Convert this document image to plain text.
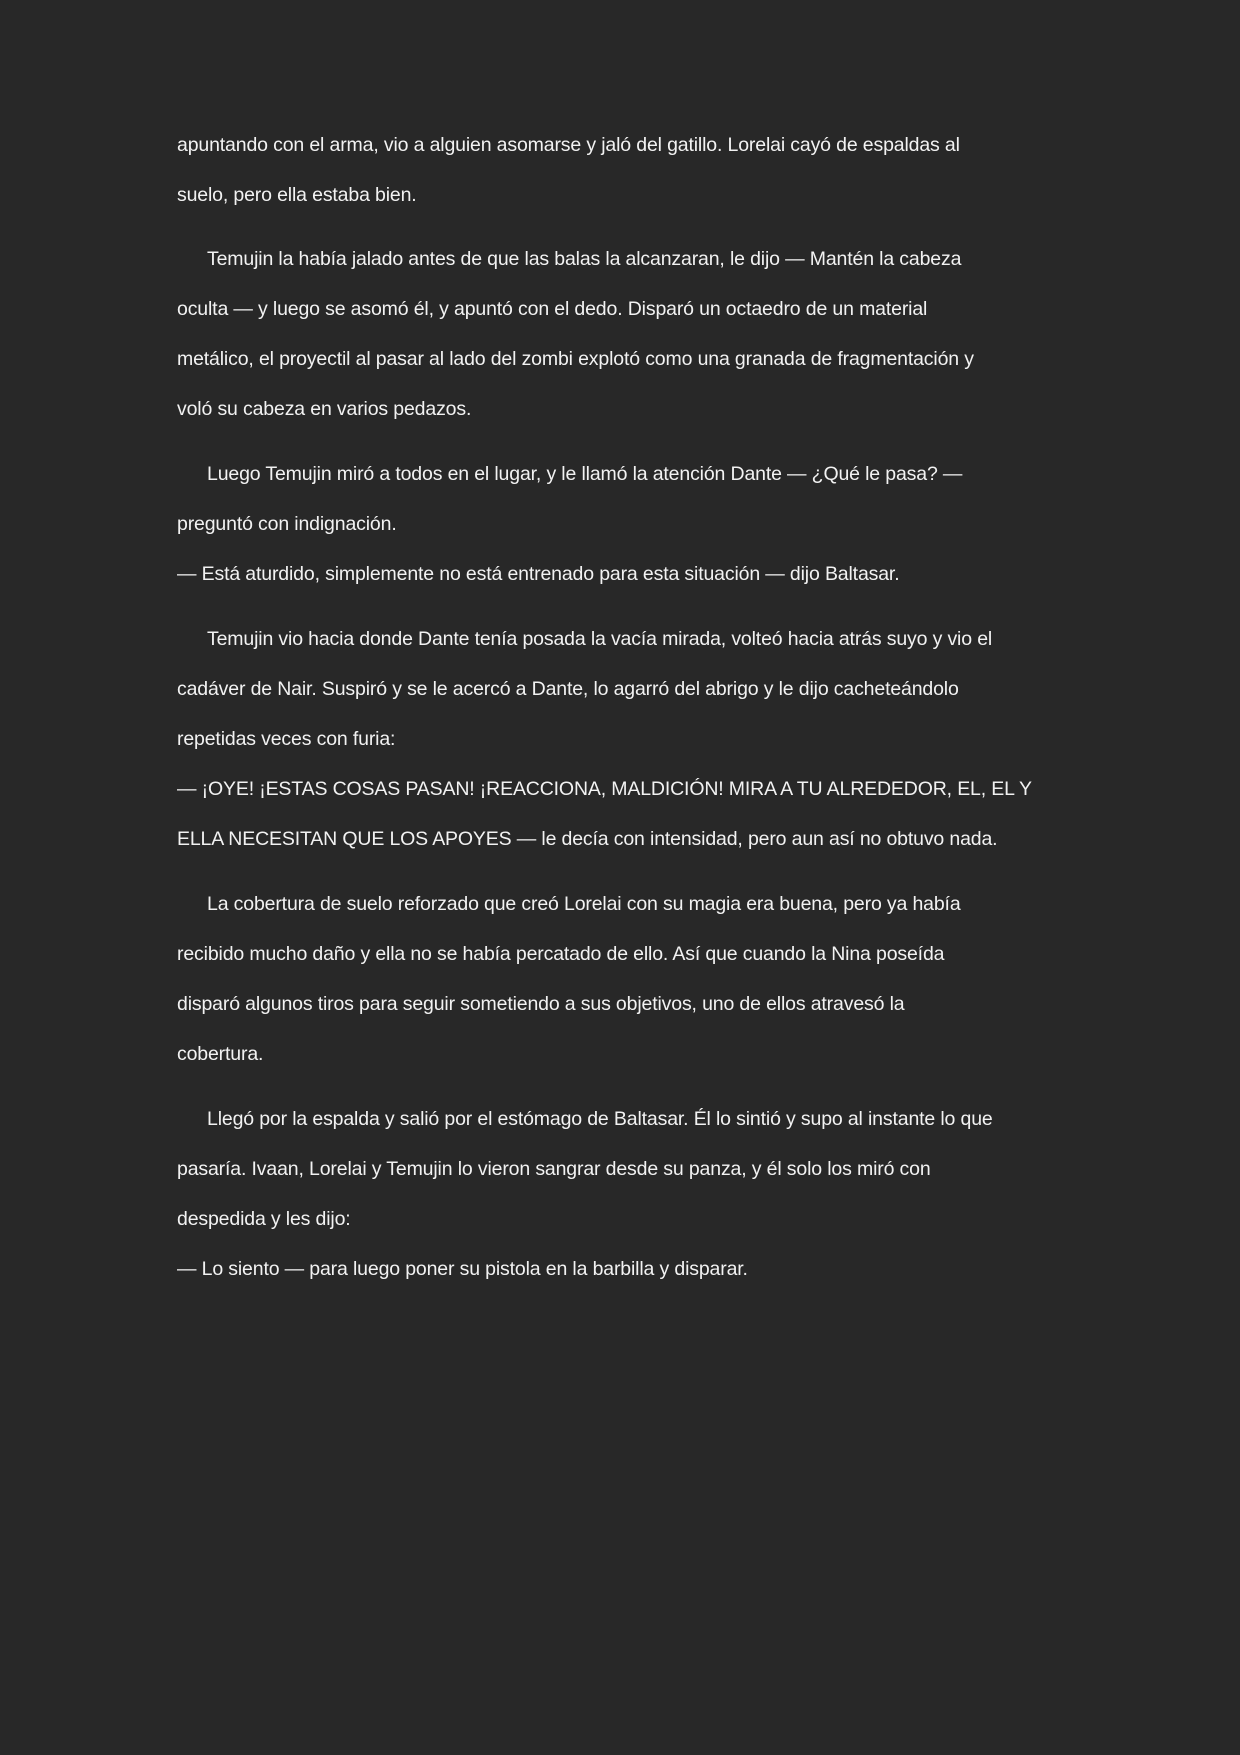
apuntando con el arma, vio a alguien asomarse y jaló del gatillo. Lorelai cayó de espaldas al
suelo, pero ella estaba bien.
Temujin la había jalado antes de que las balas la alcanzaran, le dijo — Mantén la cabeza
oculta — y luego se asomó él, y apuntó con el dedo. Disparó un octaedro de un material
metálico, el proyectil al pasar al lado del zombi explotó como una granada de fragmentación y
voló su cabeza en varios pedazos.
Luego Temujin miró a todos en el lugar, y le llamó la atención Dante — ¿Qué le pasa? —
preguntó con indignación.
— Está aturdido, simplemente no está entrenado para esta situación — dijo Baltasar.
Temujin vio hacia donde Dante tenía posada la vacía mirada, volteó hacia atrás suyo y vio el
cadáver de Nair. Suspiró y se le acercó a Dante, lo agarró del abrigo y le dijo cacheteándolo
repetidas veces con furia:
— ¡OYE! ¡ESTAS COSAS PASAN! ¡REACCIONA, MALDICIÓN! MIRA A TU ALREDEDOR, EL, EL Y
ELLA NECESITAN QUE LOS APOYES — le decía con intensidad, pero aun así no obtuvo nada.
La cobertura de suelo reforzado que creó Lorelai con su magia era buena, pero ya había
recibido mucho daño y ella no se había percatado de ello. Así que cuando la Nina poseída
disparó algunos tiros para seguir sometiendo a sus objetivos, uno de ellos atravesó la
cobertura.
Llegó por la espalda y salió por el estómago de Baltasar. Él lo sintió y supo al instante lo que
pasaría. Ivaan, Lorelai y Temujin lo vieron sangrar desde su panza, y él solo los miró con
despedida y les dijo:
— Lo siento — para luego poner su pistola en la barbilla y disparar.
